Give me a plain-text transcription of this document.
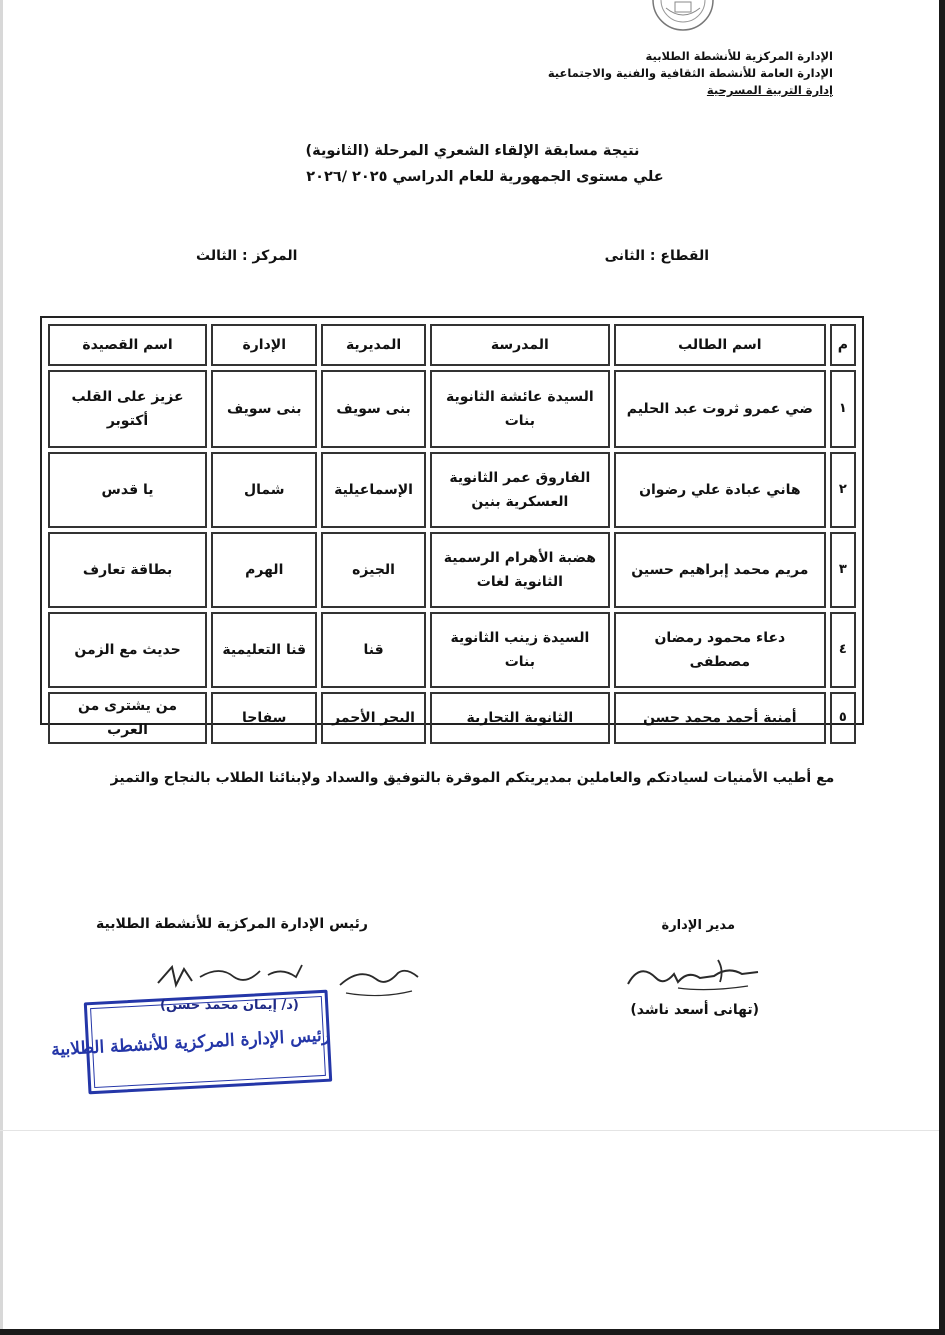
الإدارة المركزية للأنشطة الطلابية
الإدارة العامة للأنشطة الثقافية والفنية والاجتماعية
إدارة التربية المسرحية
نتيجة مسابقة الإلقاء الشعري المرحلة (الثانوية)
علي مستوى الجمهورية للعام الدراسي ٢٠٢٥ /٢٠٢٦
القطاع : الثانى
المركز : الثالث
م	اسم الطالب	المدرسة	المديرية	الإدارة	اسم القصيدة
١	ضي عمرو ثروت عبد الحليم	السيدة عائشة الثانوية بنات	بنى سويف	بنى سويف	عزيز على القلب أكتوبر
٢	هاني عبادة علي رضوان	الفاروق عمر الثانوية العسكرية بنين	الإسماعيلية	شمال	يا قدس
٣	مريم محمد إبراهيم حسين	هضبة الأهرام الرسمية الثانوية لغات	الجيزه	الهرم	بطاقة تعارف
٤	دعاء محمود رمضان مصطفى	السيدة زينب الثانوية بنات	قنا	قنا التعليمية	حديث مع الزمن
٥	أمنية أحمد محمد حسن	الثانوية التجارية	البحر الأحمر	سفاجا	من يشترى من العرب
مع أطيب الأمنيات لسيادتكم والعاملين بمديريتكم الموقرة بالتوفيق والسداد ولإبنائنا الطلاب بالنجاح والتميز
مدير الإدارة
رئيس الإدارة المركزية للأنشطة الطلابية
(تهانى أسعد ناشد)
رئيس الإدارة المركزية للأنشطة الطلابية
(د/ إيمان محمد حسن)
